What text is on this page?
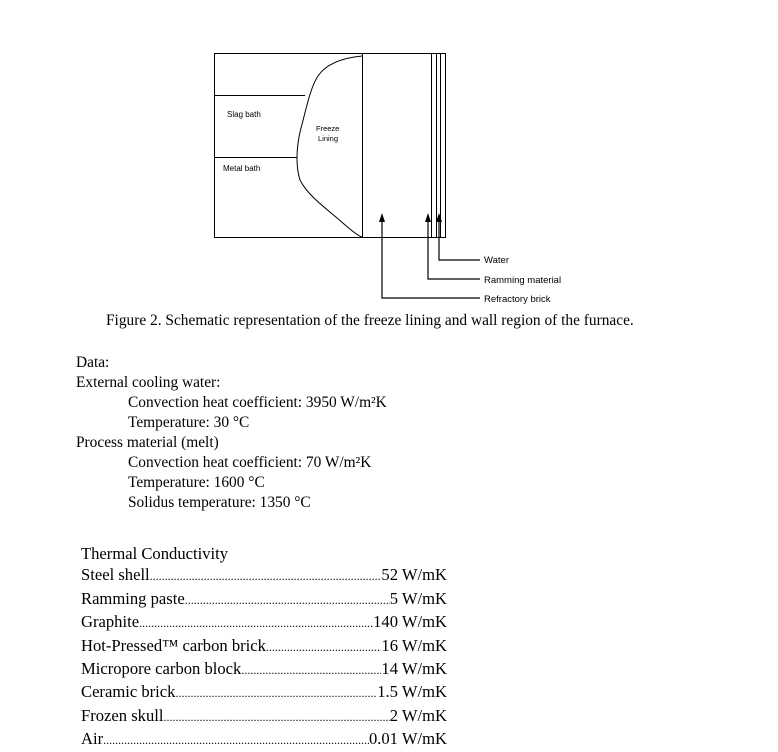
Slag bath
Freeze
Lining
Metal bath
Water
Ramming material
Refractory brick
Figure 2. Schematic representation of the freeze lining and wall region of the furnace.
Data:
External cooling water:
Convection heat coefficient: 3950 W/m²K
Temperature: 30 °C
Process material (melt)
Convection heat coefficient: 70 W/m²K
Temperature: 1600 °C
Solidus temperature: 1350 °C
Thermal Conductivity
Steel shell .....	52 W/mK
Ramming paste .....	5 W/mK
Graphite .....	140 W/mK
Hot-Pressed™ carbon brick .....	16 W/mK
Micropore carbon block .....	14 W/mK
Ceramic brick .....	1.5 W/mK
Frozen skull .....	2 W/mK
Air .....	0.01 W/mK
